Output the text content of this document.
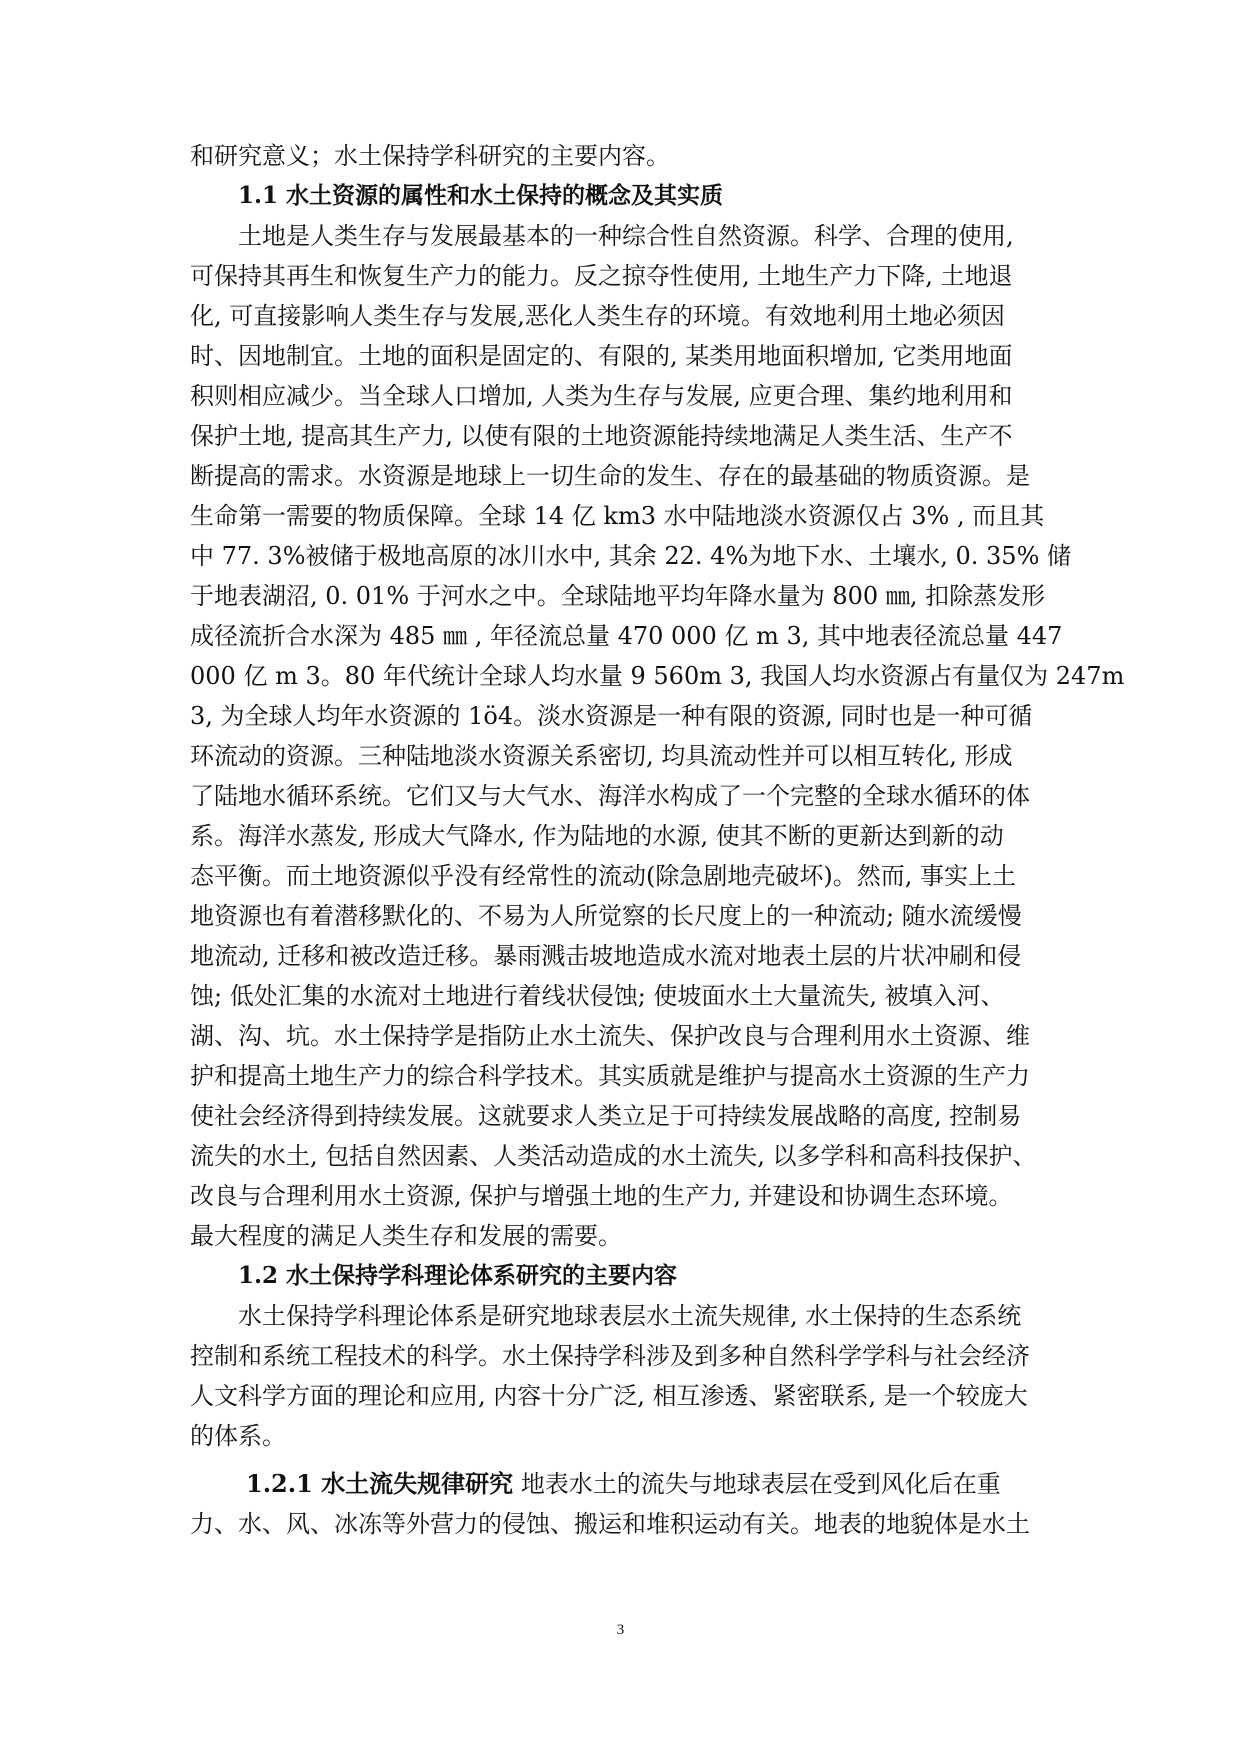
和研究意义；水土保持学科研究的主要内容。
1.1 水土资源的属性和水土保持的概念及其实质
土地是人类生存与发展最基本的一种综合性自然资源。科学、合理的使用,
可保持其再生和恢复生产力的能力。反之掠夺性使用, 土地生产力下降, 土地退
化, 可直接影响人类生存与发展,恶化人类生存的环境。有效地利用土地必须因
时、因地制宜。土地的面积是固定的、有限的, 某类用地面积增加, 它类用地面
积则相应减少。当全球人口增加, 人类为生存与发展, 应更合理、集约地利用和
保护土地, 提高其生产力, 以使有限的土地资源能持续地满足人类生活、生产不
断提高的需求。水资源是地球上一切生命的发生、存在的最基础的物质资源。是
生命第一需要的物质保障。全球 14 亿 km3 水中陆地淡水资源仅占 3% , 而且其
中 77. 3%被储于极地高原的冰川水中, 其余 22. 4%为地下水、土壤水, 0. 35% 储
于地表湖沼, 0. 01% 于河水之中。全球陆地平均年降水量为 800 ㎜, 扣除蒸发形
成径流折合水深为 485 ㎜ , 年径流总量 470 000 亿 m 3, 其中地表径流总量 447
000 亿 m 3。80 年代统计全球人均水量 9 560m 3, 我国人均水资源占有量仅为 247m
3, 为全球人均年水资源的 1ö4。淡水资源是一种有限的资源, 同时也是一种可循
环流动的资源。三种陆地淡水资源关系密切, 均具流动性并可以相互转化, 形成
了陆地水循环系统。它们又与大气水、海洋水构成了一个完整的全球水循环的体
系。海洋水蒸发, 形成大气降水, 作为陆地的水源, 使其不断的更新达到新的动
态平衡。而土地资源似乎没有经常性的流动(除急剧地壳破坏)。然而, 事实上土
地资源也有着潜移默化的、不易为人所觉察的长尺度上的一种流动; 随水流缓慢
地流动, 迁移和被改造迁移。暴雨溅击坡地造成水流对地表土层的片状冲刷和侵
蚀; 低处汇集的水流对土地进行着线状侵蚀; 使坡面水土大量流失, 被填入河、
湖、沟、坑。水土保持学是指防止水土流失、保护改良与合理利用水土资源、维
护和提高土地生产力的综合科学技术。其实质就是维护与提高水土资源的生产力
使社会经济得到持续发展。这就要求人类立足于可持续发展战略的高度, 控制易
流失的水土, 包括自然因素、人类活动造成的水土流失, 以多学科和高科技保护、
改良与合理利用水土资源, 保护与增强土地的生产力, 并建设和协调生态环境。
最大程度的满足人类生存和发展的需要。
1.2 水土保持学科理论体系研究的主要内容
水土保持学科理论体系是研究地球表层水土流失规律, 水土保持的生态系统
控制和系统工程技术的科学。水土保持学科涉及到多种自然科学学科与社会经济
人文科学方面的理论和应用, 内容十分广泛, 相互渗透、紧密联系, 是一个较庞大
的体系。
1.2.1 水土流失规律研究 地表水土的流失与地球表层在受到风化后在重
力、水、风、冰冻等外营力的侵蚀、搬运和堆积运动有关。地表的地貌体是水土
3
